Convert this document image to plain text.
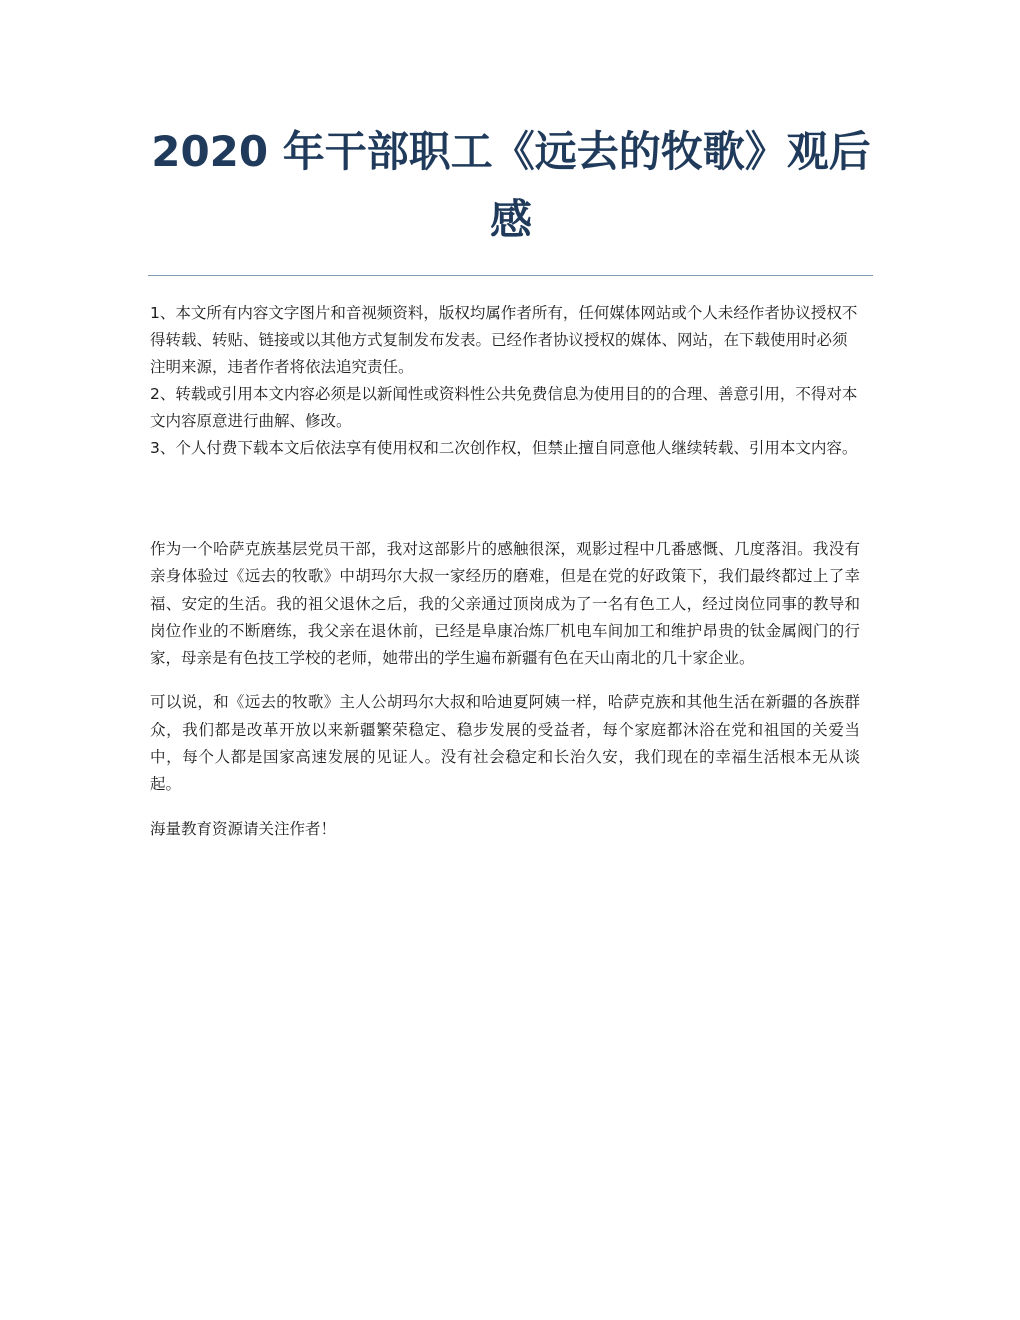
2020 年干部职工《远去的牧歌》观后感

1、本文所有内容文字图片和音视频资料，版权均属作者所有，任何媒体网站或个人未经作者协议授权不得转载、转贴、链接或以其他方式复制发布发表。已经作者协议授权的媒体、网站，在下载使用时必须注明来源，违者作者将依法追究责任。

2、转载或引用本文内容必须是以新闻性或资料性公共免费信息为使用目的的合理、善意引用，不得对本文内容原意进行曲解、修改。

3、个人付费下载本文后依法享有使用权和二次创作权，但禁止擅自同意他人继续转载、引用本文内容。

作为一个哈萨克族基层党员干部，我对这部影片的感触很深，观影过程中几番感慨、几度落泪。我没有亲身体验过《远去的牧歌》中胡玛尔大叔一家经历的磨难，但是在党的好政策下，我们最终都过上了幸福、安定的生活。我的祖父退休之后，我的父亲通过顶岗成为了一名有色工人，经过岗位同事的教导和岗位作业的不断磨练，我父亲在退休前，已经是阜康冶炼厂机电车间加工和维护昂贵的钛金属阀门的行家，母亲是有色技工学校的老师，她带出的学生遍布新疆有色在天山南北的几十家企业。

可以说，和《远去的牧歌》主人公胡玛尔大叔和哈迪夏阿姨一样，哈萨克族和其他生活在新疆的各族群众，我们都是改革开放以来新疆繁荣稳定、稳步发展的受益者，每个家庭都沐浴在党和祖国的关爱当中，每个人都是国家高速发展的见证人。没有社会稳定和长治久安，我们现在的幸福生活根本无从谈起。

海量教育资源请关注作者！
